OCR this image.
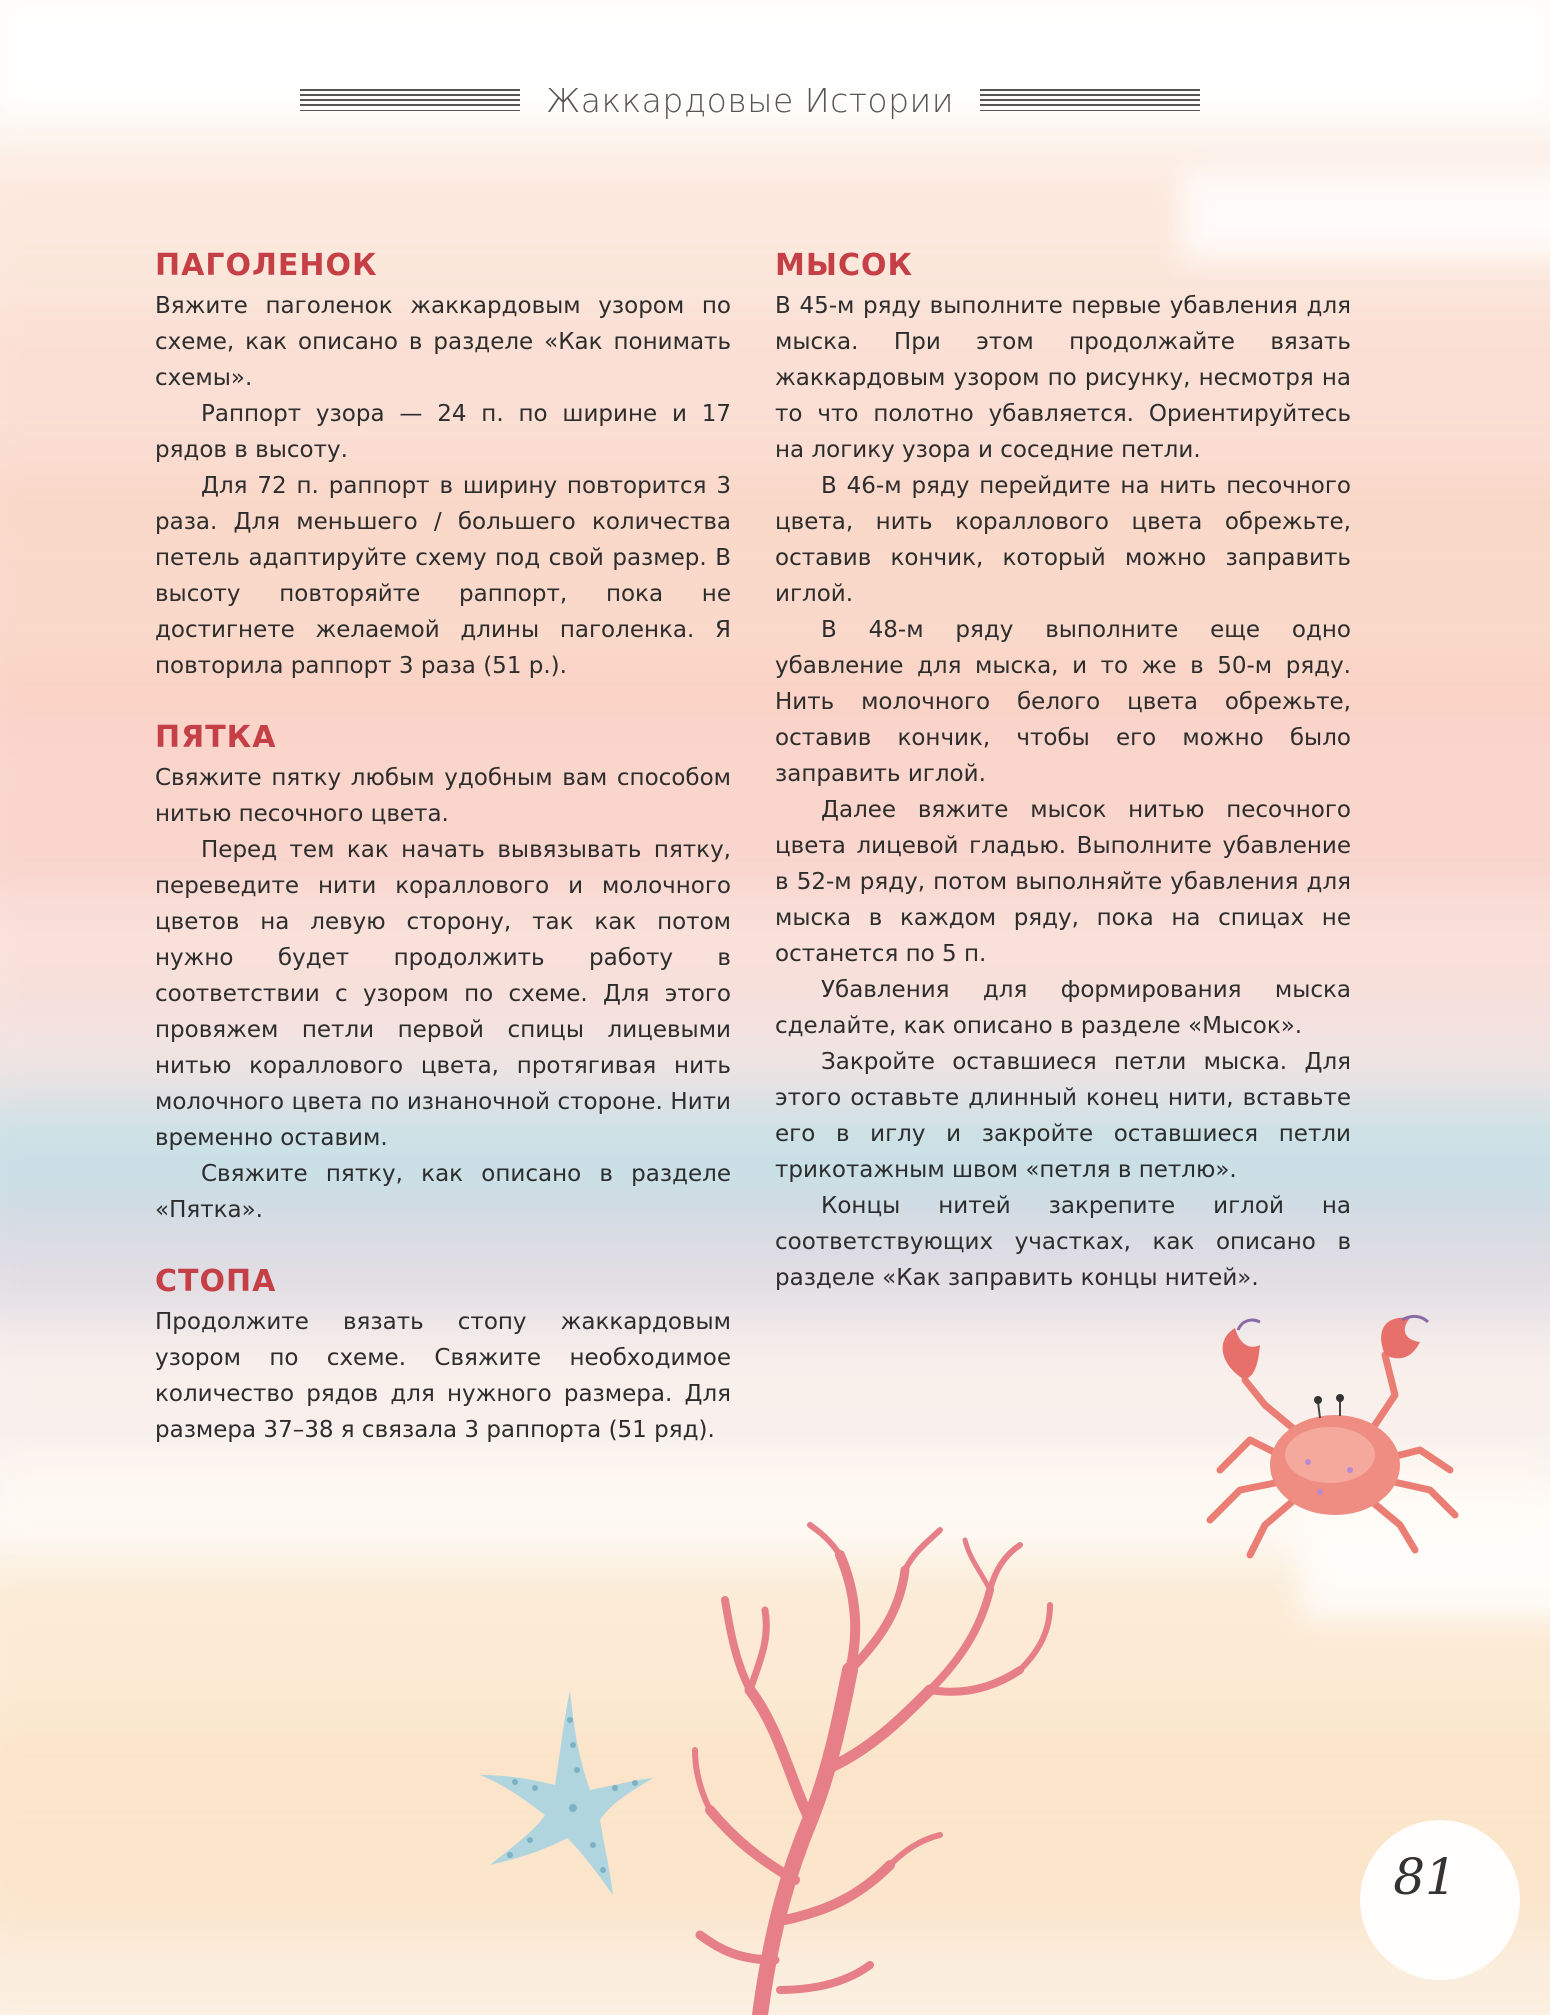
Жаккардовые Истории
ПАГОЛЕНОК

Вяжите паголенок жаккардовым узором по схеме, как описано в разделе «Как понимать схемы».

Раппорт узора — 24 п. по ширине и 17 рядов в высоту.

Для 72 п. раппорт в ширину повторится 3 раза. Для меньшего / большего количества петель адаптируйте схему под свой размер. В высоту повторяйте раппорт, пока не достигнете желаемой длины паголенка. Я повторила раппорт 3 раза (51 р.).

ПЯТКА

Свяжите пятку любым удобным вам способом нитью песочного цвета.

Перед тем как начать вывязывать пятку, переведите нити кораллового и молочного цветов на левую сторону, так как потом нужно будет продолжить работу в соответствии с узором по схеме. Для этого провяжем петли первой спицы лицевыми нитью кораллового цвета, протягивая нить молочного цвета по изнаночной стороне. Нити временно оставим.

Свяжите пятку, как описано в разделе «Пятка».

СТОПА

Продолжите вязать стопу жаккардовым узором по схеме. Свяжите необходимое количество рядов для нужного размера. Для размера 37–38 я связала 3 раппорта (51 ряд).

МЫСОК

В 45-м ряду выполните первые убавления для мыска. При этом продолжайте вязать жаккардовым узором по рисунку, несмотря на то что полотно убавляется. Ориентируйтесь на логику узора и соседние петли.

В 46-м ряду перейдите на нить песочного цвета, нить кораллового цвета обрежьте, оставив кончик, который можно заправить иглой.

В 48-м ряду выполните еще одно убавление для мыска, и то же в 50-м ряду. Нить молочного белого цвета обрежьте, оставив кончик, чтобы его можно было заправить иглой.

Далее вяжите мысок нитью песочного цвета лицевой гладью. Выполните убавление в 52-м ряду, потом выполняйте убавления для мыска в каждом ряду, пока на спицах не останется по 5 п.

Убавления для формирования мыска сделайте, как описано в разделе «Мысок».

Закройте оставшиеся петли мыска. Для этого оставьте длинный конец нити, вставьте его в иглу и закройте оставшиеся петли трикотажным швом «петля в петлю».

Концы нитей закрепите иглой на соответствующих участках, как описано в разделе «Как заправить концы нитей».

81
